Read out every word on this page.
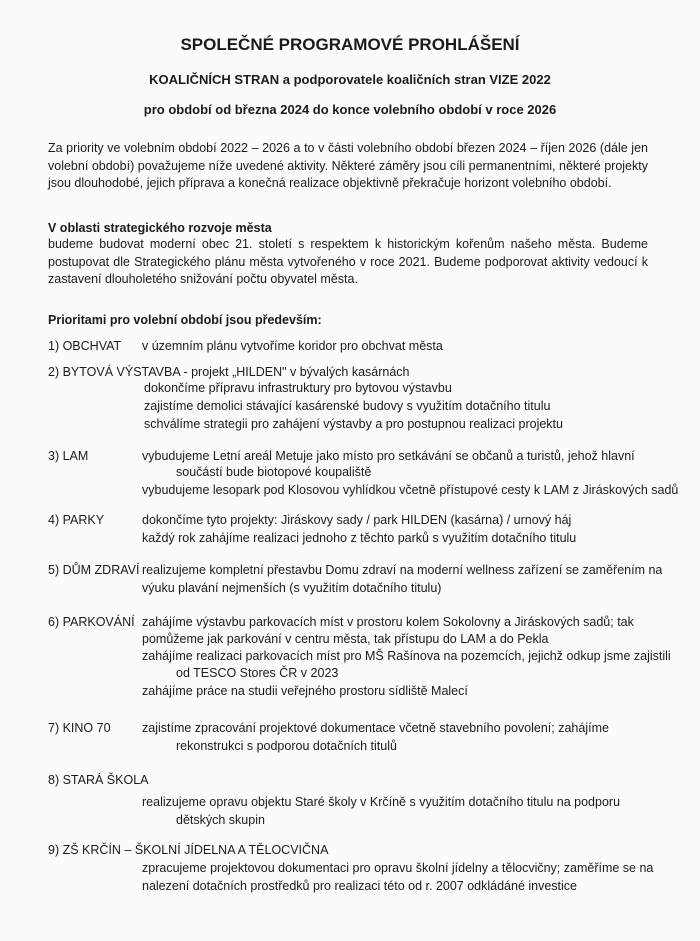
SPOLEČNÉ PROGRAMOVÉ PROHLÁŠENÍ
KOALIČNÍCH STRAN a podporovatele koaličních stran VIZE 2022
pro období od března 2024 do konce volebního období v roce 2026
Za priority ve volebním období 2022 – 2026 a to v části volebního období březen 2024 – říjen 2026 (dále jen volební období) považujeme níže uvedené aktivity. Některé záměry jsou cíli permanentními, některé projekty jsou dlouhodobé, jejich příprava a konečná realizace objektivně překračuje horizont volebního období.
V oblasti strategického rozvoje města
budeme budovat moderní obec 21. století s respektem k historickým kořenům našeho města. Budeme postupovat dle Strategického plánu města vytvořeného v roce 2021. Budeme podporovat aktivity vedoucí k zastavení dlouholetého snižování počtu obyvatel města.
Prioritami pro volební období jsou především:
1) OBCHVAT v územním plánu vytvoříme koridor pro obchvat města
2) BYTOVÁ VÝSTAVBA - projekt „HILDEN" v bývalých kasárnách
dokončíme přípravu infrastruktury pro bytovou výstavbu
zajistíme demolici stávající kasárenské budovy s využitím dotačního titulu
schválíme strategii pro zahájení výstavby a pro postupnou realizaci projektu
3) LAM	vybudujeme Letní areál Metuje jako místo pro setkávání se občanů a turistů, jehož hlavní
součástí bude biotopové koupaliště
vybudujeme lesopark pod Klosovou vyhlídkou včetně přístupové cesty k LAM z Jiráskových sadů
4) PARKY	dokončíme tyto projekty: Jiráskovy sady / park HILDEN (kasárna) / urnový háj
každý rok zahájíme realizaci jednoho z těchto parků s využitím dotačního titulu
5) DŮM ZDRAVÍ realizujeme kompletní přestavbu Domu zdraví na moderní wellness zařízení se zaměřením na
výuku plavání nejmenších (s využitím dotačního titulu)
6) PARKOVÁNÍ zahájíme výstavbu parkovacích míst v prostoru kolem Sokolovny a Jiráskových sadů; tak
pomůžeme jak parkování v centru města, tak přístupu do LAM a do Pekla
zahájíme realizaci parkovacích míst pro MŠ Rašínova na pozemcích, jejichž odkup jsme zajistili
od TESCO Stores ČR v 2023
zahájíme práce na studii veřejného prostoru sídliště Malecí
7) KINO 70	zajistíme zpracování projektové dokumentace včetně stavebního povolení; zahájíme
rekonstrukci s podporou dotačních titulů
8) STARÁ ŠKOLA
realizujeme opravu objektu Staré školy v Krčíně s využitím dotačního titulu na podporu
dětských skupin
9) ZŠ KRČÍN – ŠKOLNÍ JÍDELNA A TĚLOCVIČNA
zpracujeme projektovou dokumentaci pro opravu školní jídelny a tělocvičny; zaměříme se na
nalezení dotačních prostředků pro realizaci této od r. 2007 odkládáné investice
